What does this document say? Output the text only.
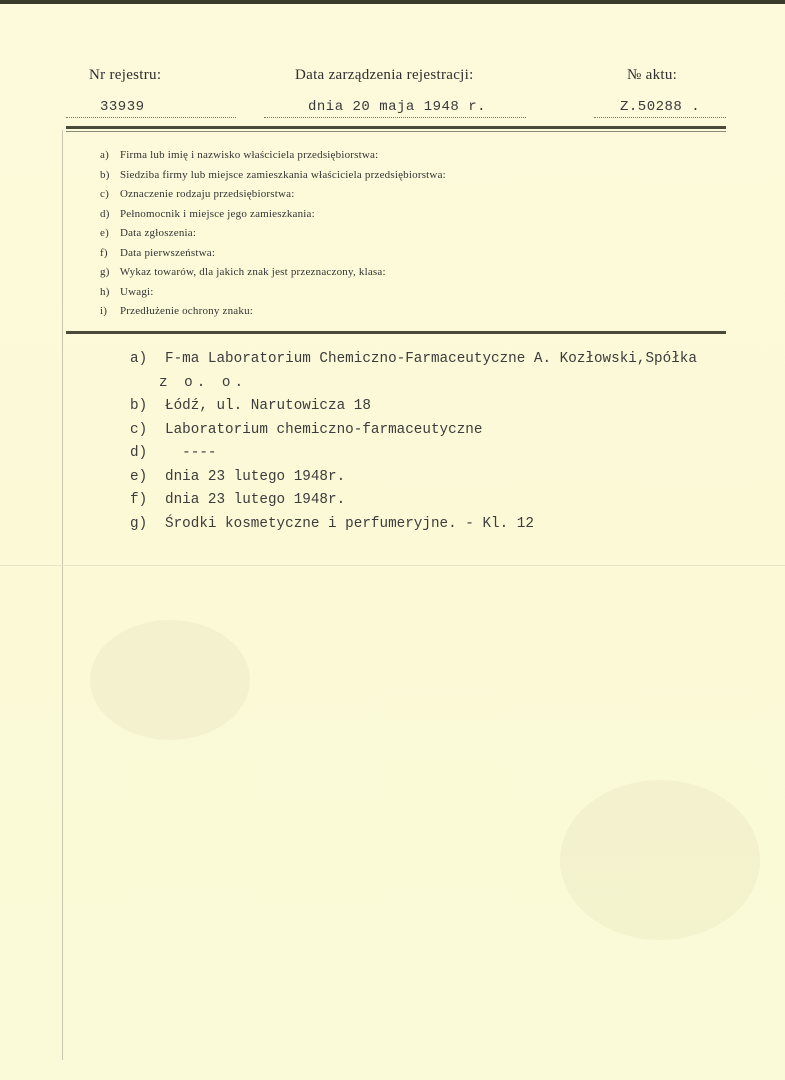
Nr rejestru:	Data zarządzenia rejestracji:	№ aktu:
33939	dnia 20 maja 1948 r.	Z.50288 .
a) Firma lub imię i nazwisko właściciela przedsiębiorstwa:
b) Siedziba firmy lub miejsce zamieszkania właściciela przedsiębiorstwa:
c) Oznaczenie rodzaju przedsiębiorstwa:
d) Pełnomocnik i miejsce jego zamieszkania:
e) Data zgłoszenia:
f) Data pierwszeństwa:
g) Wykaz towarów, dla jakich znak jest przeznaczony, klasa:
h) Uwagi:
i) Przedłużenie ochrony znaku:
a) F-ma Laboratorium Chemiczno-Farmaceutyczne A. Kozłowski,Spółka
z o. o.
b) Łódź, ul. Narutowicza 18
c) Laboratorium chemiczno-farmaceutyczne
d)  ----
e) dnia 23 lutego 1948r.
f) dnia 23 lutego 1948r.
g) Środki kosmetyczne i perfumeryjne. - Kl. 12
